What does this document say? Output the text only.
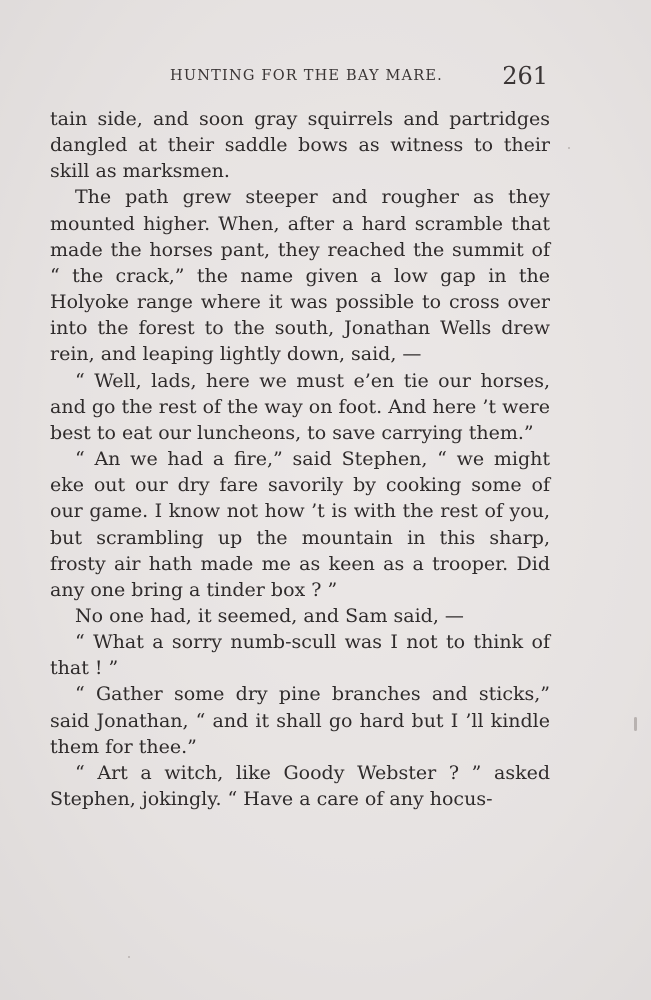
HUNTING FOR THE BAY MARE. 261

tain side, and soon gray squirrels and partridges dangled at their saddle bows as witness to their skill as marksmen.

The path grew steeper and rougher as they mounted higher. When, after a hard scramble that made the horses pant, they reached the summit of “ the crack,” the name given a low gap in the Holyoke range where it was possible to cross over into the forest to the south, Jonathan Wells drew rein, and leaping lightly down, said, —

“ Well, lads, here we must e’en tie our horses, and go the rest of the way on foot. And here ’t were best to eat our luncheons, to save carrying them.”

“ An we had a fire,” said Stephen, “ we might eke out our dry fare savorily by cooking some of our game. I know not how ’t is with the rest of you, but scrambling up the mountain in this sharp, frosty air hath made me as keen as a trooper. Did any one bring a tinder box ? ”

No one had, it seemed, and Sam said, —

“ What a sorry numb-scull was I not to think of that ! ”

“ Gather some dry pine branches and sticks,” said Jonathan, “ and it shall go hard but I ’ll kindle them for thee.”

“ Art a witch, like Goody Webster ? ” asked Stephen, jokingly. “ Have a care of any hocus-
